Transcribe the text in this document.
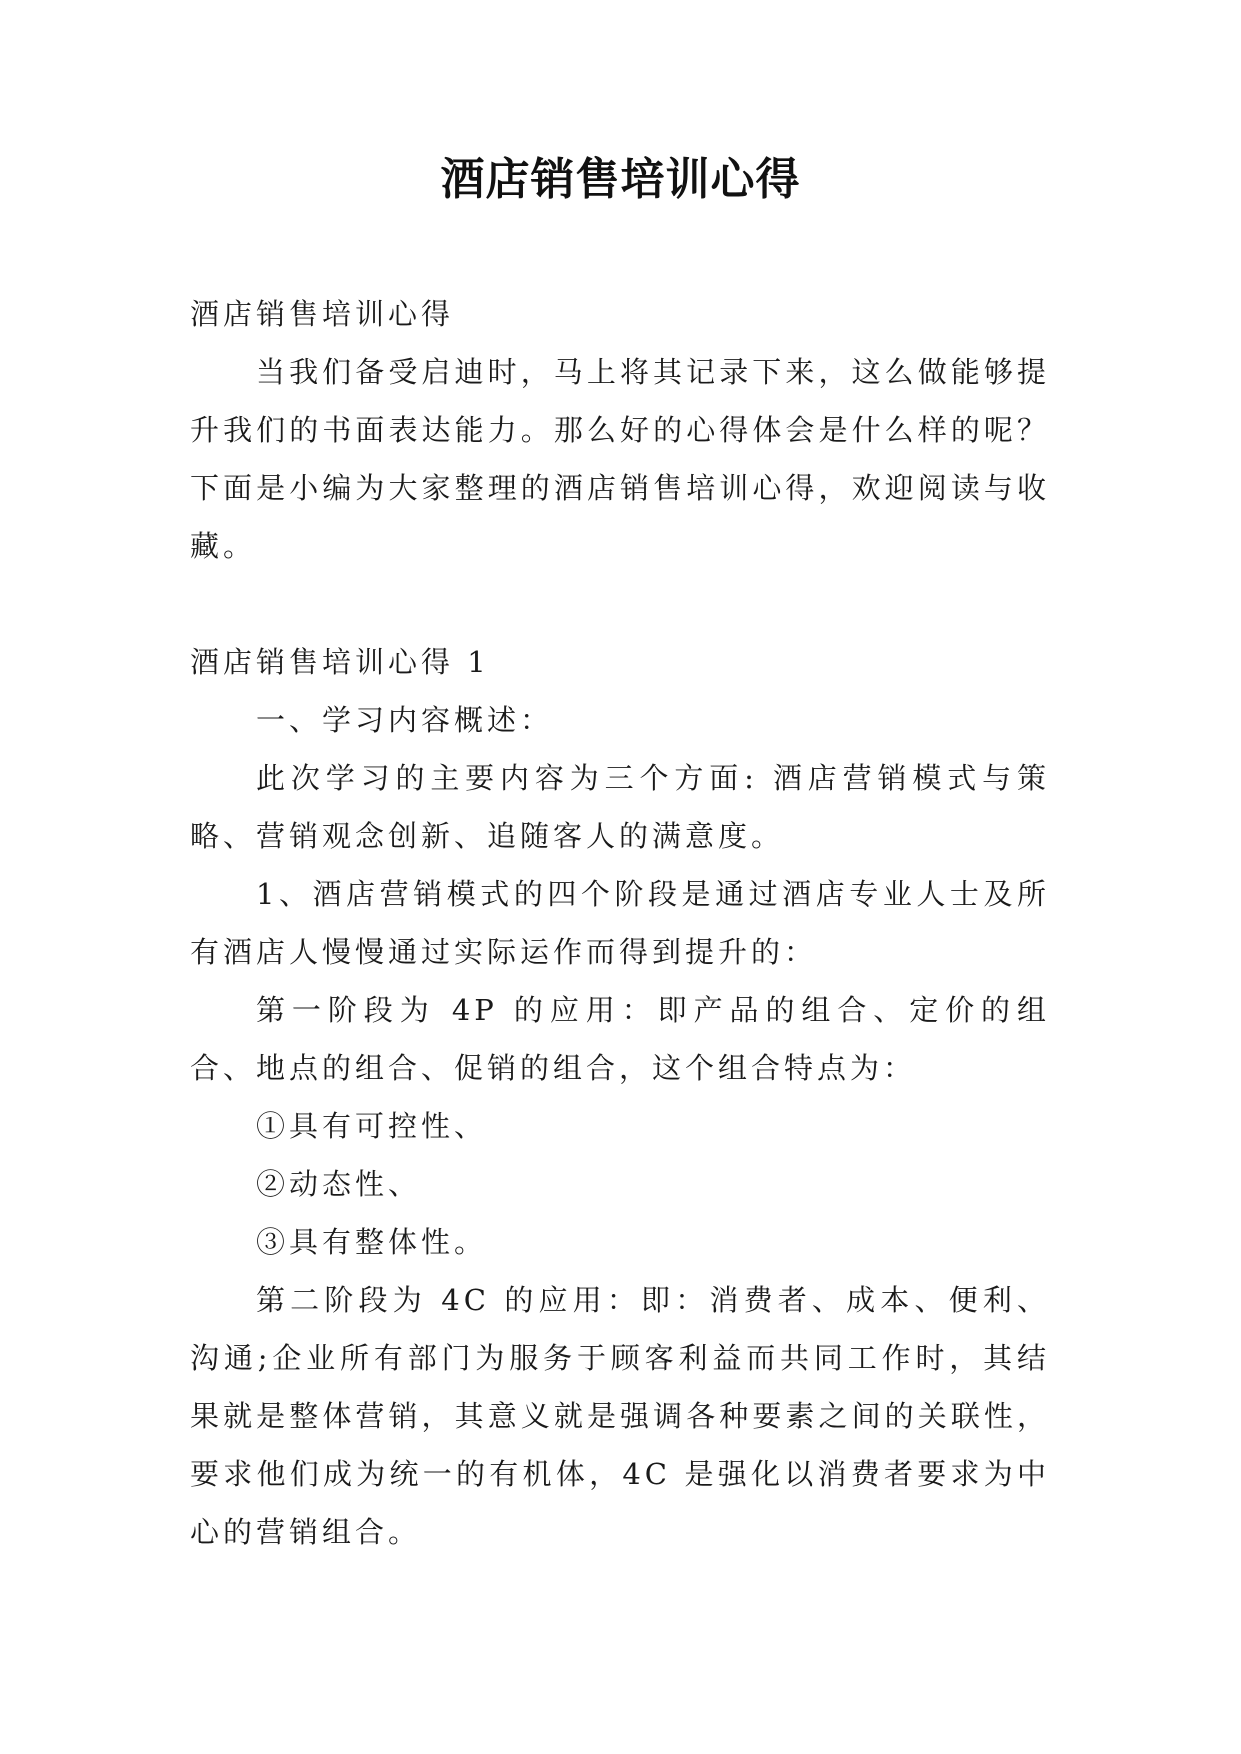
酒店销售培训心得

酒店销售培训心得

当我们备受启迪时，马上将其记录下来，这么做能够提升我们的书面表达能力。那么好的心得体会是什么样的呢？下面是小编为大家整理的酒店销售培训心得，欢迎阅读与收藏。

酒店销售培训心得 1

一、学习内容概述：

此次学习的主要内容为三个方面: 酒店营销模式与策略、营销观念创新、追随客人的满意度。

1、酒店营销模式的四个阶段是通过酒店专业人士及所有酒店人慢慢通过实际运作而得到提升的：

第一阶段为 4P 的应用：即产品的组合、定价的组合、地点的组合、促销的组合，这个组合特点为：

①具有可控性、

②动态性、

③具有整体性。

第二阶段为 4C 的应用：即：消费者、成本、便利、沟通;企业所有部门为服务于顾客利益而共同工作时，其结果就是整体营销，其意义就是强调各种要素之间的关联性，要求他们成为统一的有机体，4C 是强化以消费者要求为中心的营销组合。
